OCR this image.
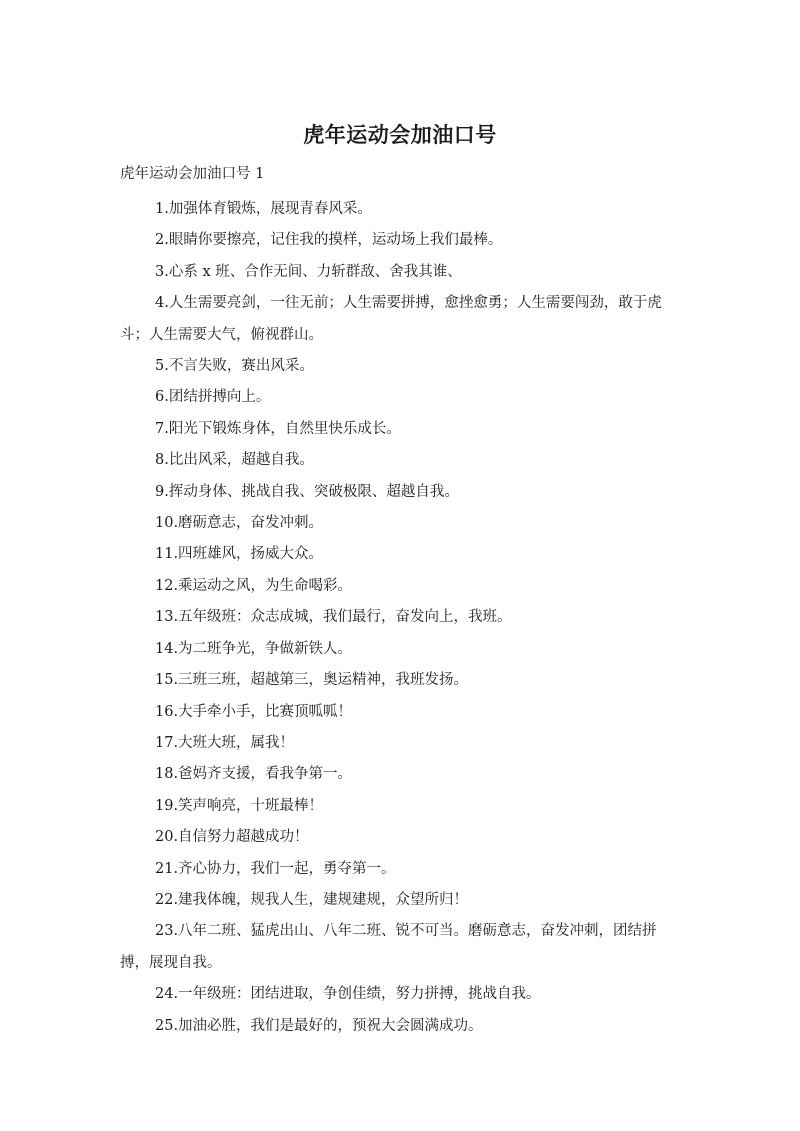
虎年运动会加油口号
虎年运动会加油口号 1

1.加强体育锻炼，展现青春风采。

2.眼睛你要擦亮，记住我的摸样，运动场上我们最棒。

3.心系 x 班、合作无间、力斩群敌、舍我其谁、

4.人生需要亮剑，一往无前；人生需要拼搏，愈挫愈勇；人生需要闯劲，敢于虎斗；人生需要大气，俯视群山。

5.不言失败，赛出风采。

6.团结拼搏向上。

7.阳光下锻炼身体，自然里快乐成长。

8.比出风采，超越自我。

9.挥动身体、挑战自我、突破极限、超越自我。

10.磨砺意志，奋发冲刺。

11.四班雄风，扬威大众。

12.乘运动之风，为生命喝彩。

13.五年级班：众志成城，我们最行，奋发向上，我班。

14.为二班争光，争做新铁人。

15.三班三班，超越第三，奥运精神，我班发扬。

16.大手牵小手，比赛顶呱呱！

17.大班大班，属我！

18.爸妈齐支援，看我争第一。

19.笑声响亮，十班最棒！

20.自信努力超越成功！

21.齐心协力，我们一起，勇夺第一。

22.建我体魄，规我人生，建规建规，众望所归！

23.八年二班、猛虎出山、八年二班、锐不可当。磨砺意志，奋发冲刺，团结拼搏，展现自我。

24.一年级班：团结进取，争创佳绩，努力拼搏，挑战自我。

25.加油必胜，我们是最好的，预祝大会圆满成功。
